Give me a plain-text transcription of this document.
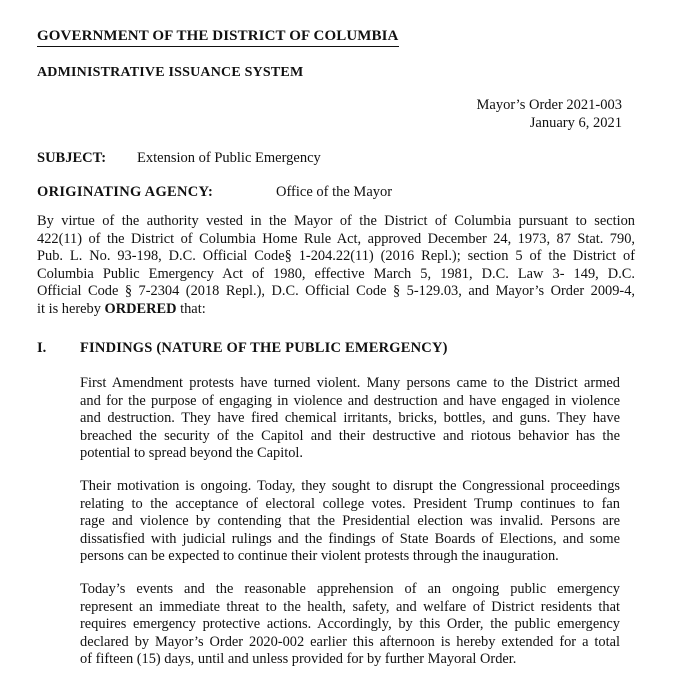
GOVERNMENT OF THE DISTRICT OF COLUMBIA
ADMINISTRATIVE ISSUANCE SYSTEM
Mayor’s Order 2021-003
January 6, 2021
SUBJECT: Extension of Public Emergency
ORIGINATING AGENCY:	Office of the Mayor
By virtue of the authority vested in the Mayor of the District of Columbia pursuant to section
422(11) of the District of Columbia Home Rule Act, approved December 24, 1973, 87 Stat. 790,
Pub. L. No. 93-198, D.C. Official Code§ 1-204.22(11) (2016 Repl.); section 5 of the District of
Columbia Public Emergency Act of 1980, effective March 5, 1981, D.C. Law 3- 149, D.C.
Official Code § 7-2304 (2018 Repl.), D.C. Official Code § 5-129.03, and Mayor’s Order 2009-4,
it is hereby ORDERED that:
I. FINDINGS (NATURE OF THE PUBLIC EMERGENCY)
First Amendment protests have turned violent. Many persons came to the District armed
and for the purpose of engaging in violence and destruction and have engaged in violence
and destruction. They have fired chemical irritants, bricks, bottles, and guns. They have
breached the security of the Capitol and their destructive and riotous behavior has the
potential to spread beyond the Capitol.
Their motivation is ongoing. Today, they sought to disrupt the Congressional proceedings
relating to the acceptance of electoral college votes. President Trump continues to fan
rage and violence by contending that the Presidential election was invalid. Persons are
dissatisfied with judicial rulings and the findings of State Boards of Elections, and some
persons can be expected to continue their violent protests through the inauguration.
Today’s events and the reasonable apprehension of an ongoing public emergency
represent an immediate threat to the health, safety, and welfare of District residents that
requires emergency protective actions. Accordingly, by this Order, the public emergency
declared by Mayor’s Order 2020-002 earlier this afternoon is hereby extended for a total
of fifteen (15) days, until and unless provided for by further Mayoral Order.
